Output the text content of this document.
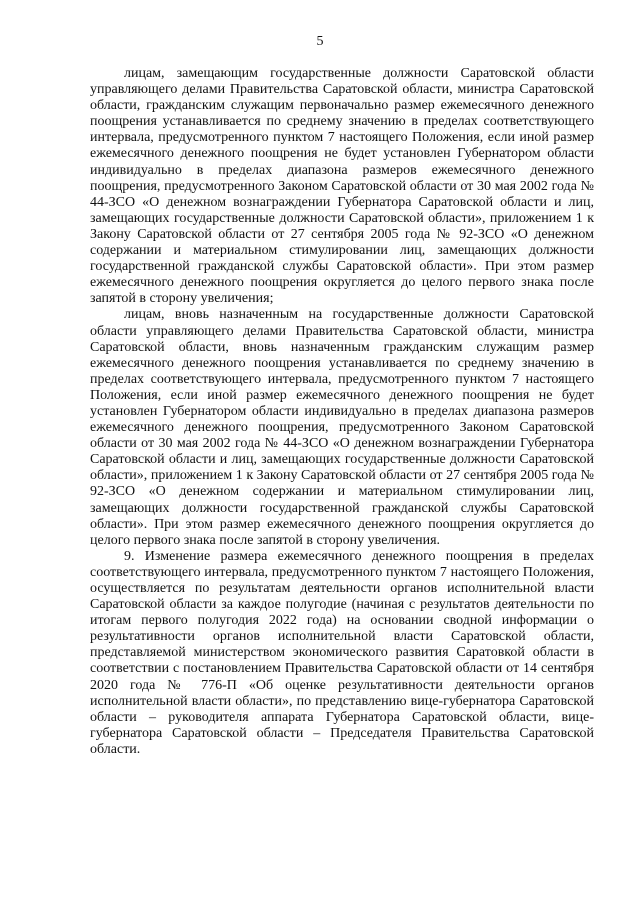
5

лицам, замещающим государственные должности Саратовской области управляющего делами Правительства Саратовской области, министра Саратовской области, гражданским служащим первоначально размер ежемесячного денежного поощрения устанавливается по среднему значению в пределах соответствующего интервала, предусмотренного пунктом 7 настоящего Положения, если иной размер ежемесячного денежного поощрения не будет установлен Губернатором области индивидуально в пределах диапазона размеров ежемесячного денежного поощрения, предусмотренного Законом Саратовской области от 30 мая 2002 года № 44-ЗСО «О денежном вознаграждении Губернатора Саратовской области и лиц, замещающих государственные должности Саратовской области», приложением 1 к Закону Саратовской области от 27 сентября 2005 года № 92-ЗСО «О денежном содержании и материальном стимулировании лиц, замещающих должности государственной гражданской службы Саратовской области». При этом размер ежемесячного денежного поощрения округляется до целого первого знака после запятой в сторону увеличения;

лицам, вновь назначенным на государственные должности Саратовской области управляющего делами Правительства Саратовской области, министра Саратовской области, вновь назначенным гражданским служащим размер ежемесячного денежного поощрения устанавливается по среднему значению в пределах соответствующего интервала, предусмотренного пунктом 7 настоящего Положения, если иной размер ежемесячного денежного поощрения не будет установлен Губернатором области индивидуально в пределах диапазона размеров ежемесячного денежного поощрения, предусмотренного Законом Саратовской области от 30 мая 2002 года № 44-ЗСО «О денежном вознаграждении Губернатора Саратовской области и лиц, замещающих государственные должности Саратовской области», приложением 1 к Закону Саратовской области от 27 сентября 2005 года № 92-ЗСО «О денежном содержании и материальном стимулировании лиц, замещающих должности государственной гражданской службы Саратовской области». При этом размер ежемесячного денежного поощрения округляется до целого первого знака после запятой в сторону увеличения.

9. Изменение размера ежемесячного денежного поощрения в пределах соответствующего интервала, предусмотренного пунктом 7 настоящего Положения, осуществляется по результатам деятельности органов исполнительной власти Саратовской области за каждое полугодие (начиная с результатов деятельности по итогам первого полугодия 2022 года) на основании сводной информации о результативности органов исполнительной власти Саратовской области, представляемой министерством экономического развития Саратовкой области в соответствии с постановлением Правительства Саратовской области от 14 сентября 2020 года № 776-П «Об оценке результативности деятельности органов исполнительной власти области», по представлению вице-губернатора Саратовской области – руководителя аппарата Губернатора Саратовской области, вице-губернатора Саратовской области – Председателя Правительства Саратовской области.
